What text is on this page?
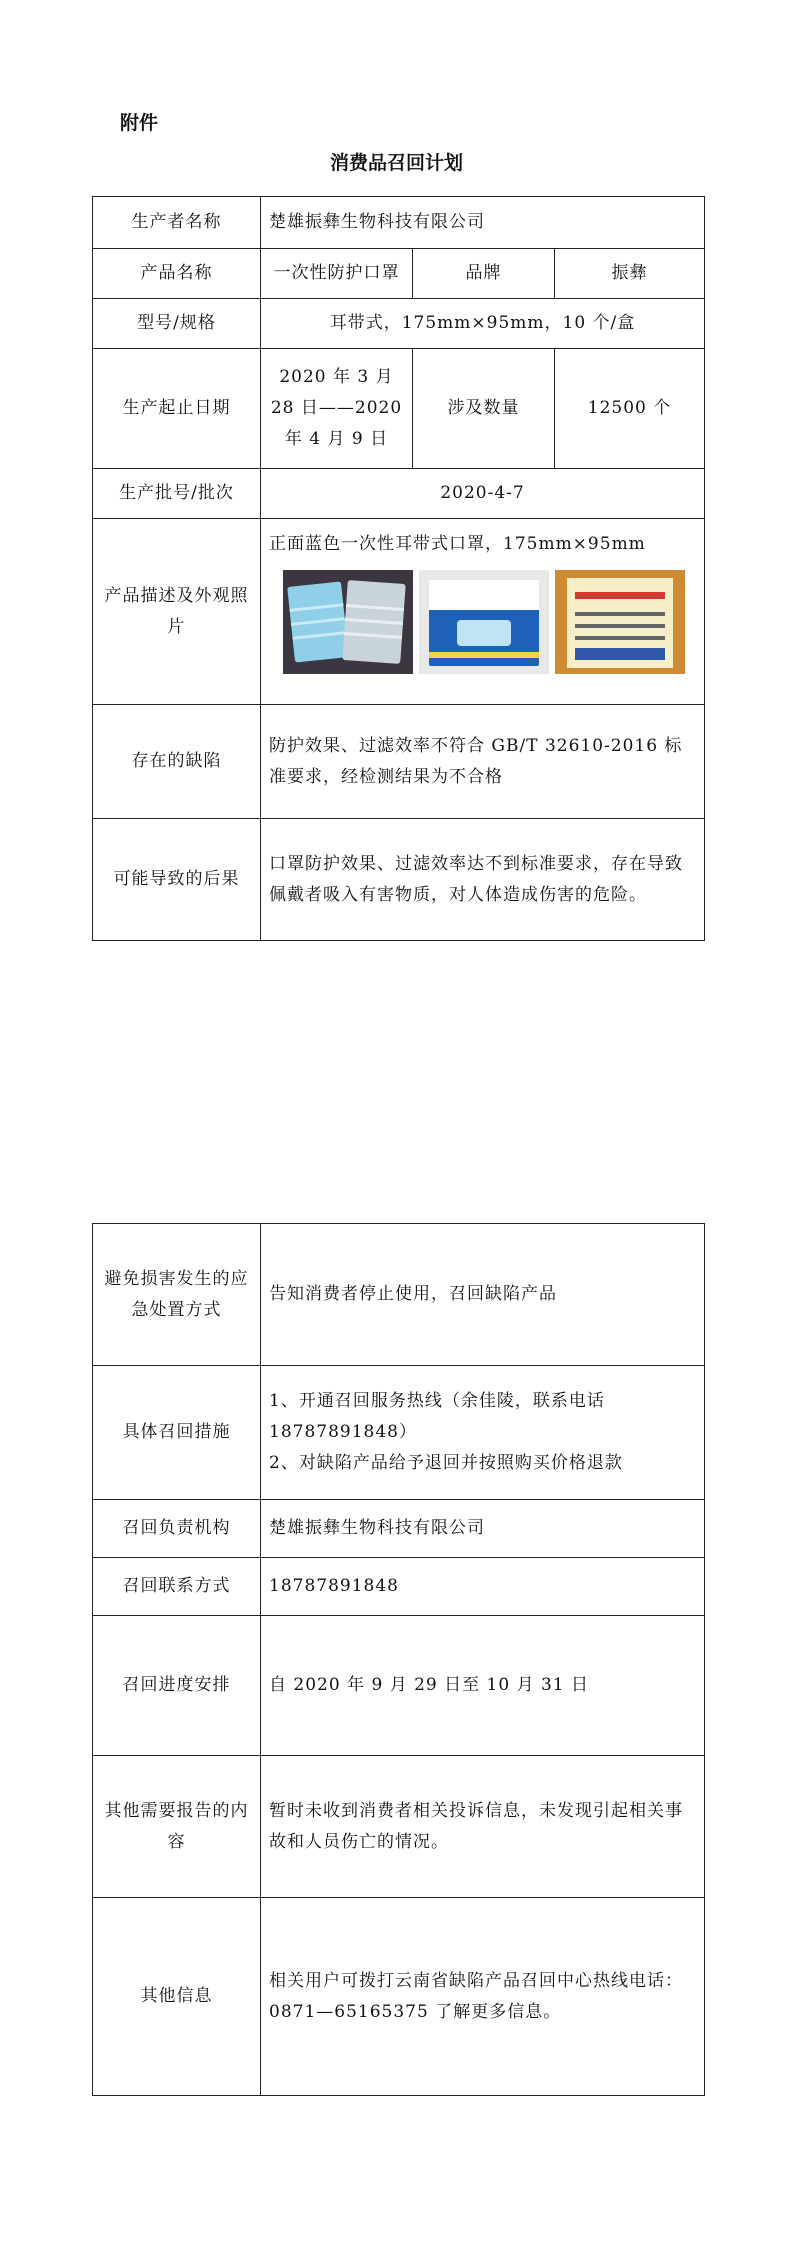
附件
消费品召回计划
生产者名称	楚雄振彝生物科技有限公司		
产品名称	一次性防护口罩	品牌	振彝
型号/规格	耳带式，175mm×95mm，10 个/盒		
生产起止日期	2020 年 3 月 28 日——2020 年 4 月 9 日	涉及数量	12500 个
生产批号/批次	2020-4-7		
产品描述及外观照片	正面蓝色一次性耳带式口罩，175mm×95mm		

存在的缺陷	防护效果、过滤效率不符合 GB/T 32610-2016 标准要求，经检测结果为不合格		
可能导致的后果	口罩防护效果、过滤效率达不到标准要求，存在导致佩戴者吸入有害物质，对人体造成伤害的危险。		
避免损害发生的应急处置方式	告知消费者停止使用，召回缺陷产品
具体召回措施	1、开通召回服务热线（余佳陵，联系电话 18787891848）
2、对缺陷产品给予退回并按照购买价格退款

召回负责机构	楚雄振彝生物科技有限公司
召回联系方式	18787891848
召回进度安排	自 2020 年 9 月 29 日至 10 月 31 日
其他需要报告的内容	暂时未收到消费者相关投诉信息，未发现引起相关事故和人员伤亡的情况。
其他信息	相关用户可拨打云南省缺陷产品召回中心热线电话：0871—65165375 了解更多信息。
